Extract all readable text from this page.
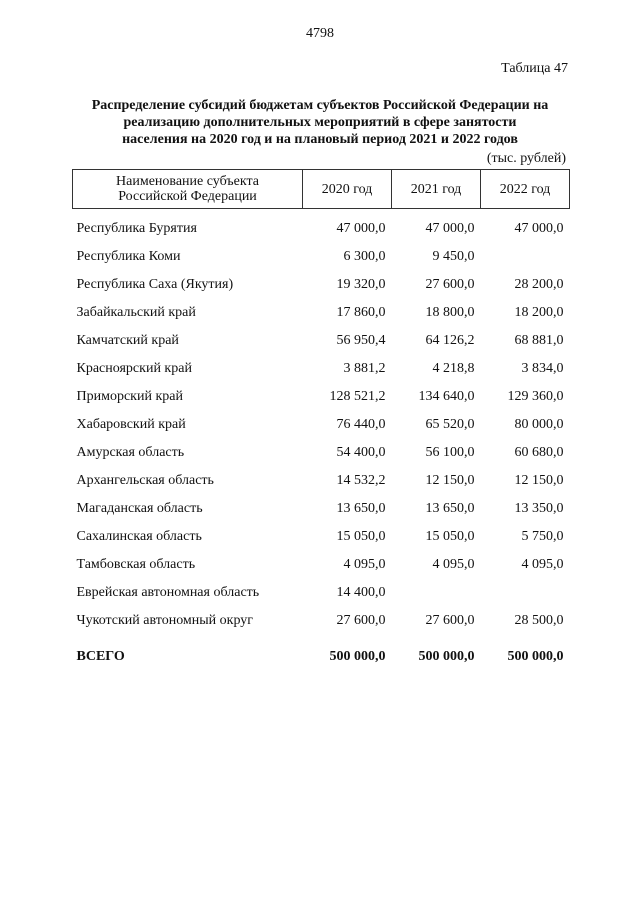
4798
Таблица 47
Распределение субсидий бюджетам субъектов Российской Федерации на
реализацию дополнительных мероприятий в сфере занятости
населения на 2020 год и на плановый период 2021 и 2022 годов
(тыс. рублей)
Наименование субъекта
Российской Федерации	2020 год	2021 год	2022 год

Республика Бурятия	47 000,0	47 000,0	47 000,0
Республика Коми	6 300,0	9 450,0	
Республика Саха (Якутия)	19 320,0	27 600,0	28 200,0
Забайкальский край	17 860,0	18 800,0	18 200,0
Камчатский край	56 950,4	64 126,2	68 881,0
Красноярский край	3 881,2	4 218,8	3 834,0
Приморский край	128 521,2	134 640,0	129 360,0
Хабаровский край	76 440,0	65 520,0	80 000,0
Амурская область	54 400,0	56 100,0	60 680,0
Архангельская область	14 532,2	12 150,0	12 150,0
Магаданская область	13 650,0	13 650,0	13 350,0
Сахалинская область	15 050,0	15 050,0	5 750,0
Тамбовская область	4 095,0	4 095,0	4 095,0
Еврейская автономная область	14 400,0		
Чукотский автономный округ	27 600,0	27 600,0	28 500,0
ВСЕГО	500 000,0	500 000,0	500 000,0
